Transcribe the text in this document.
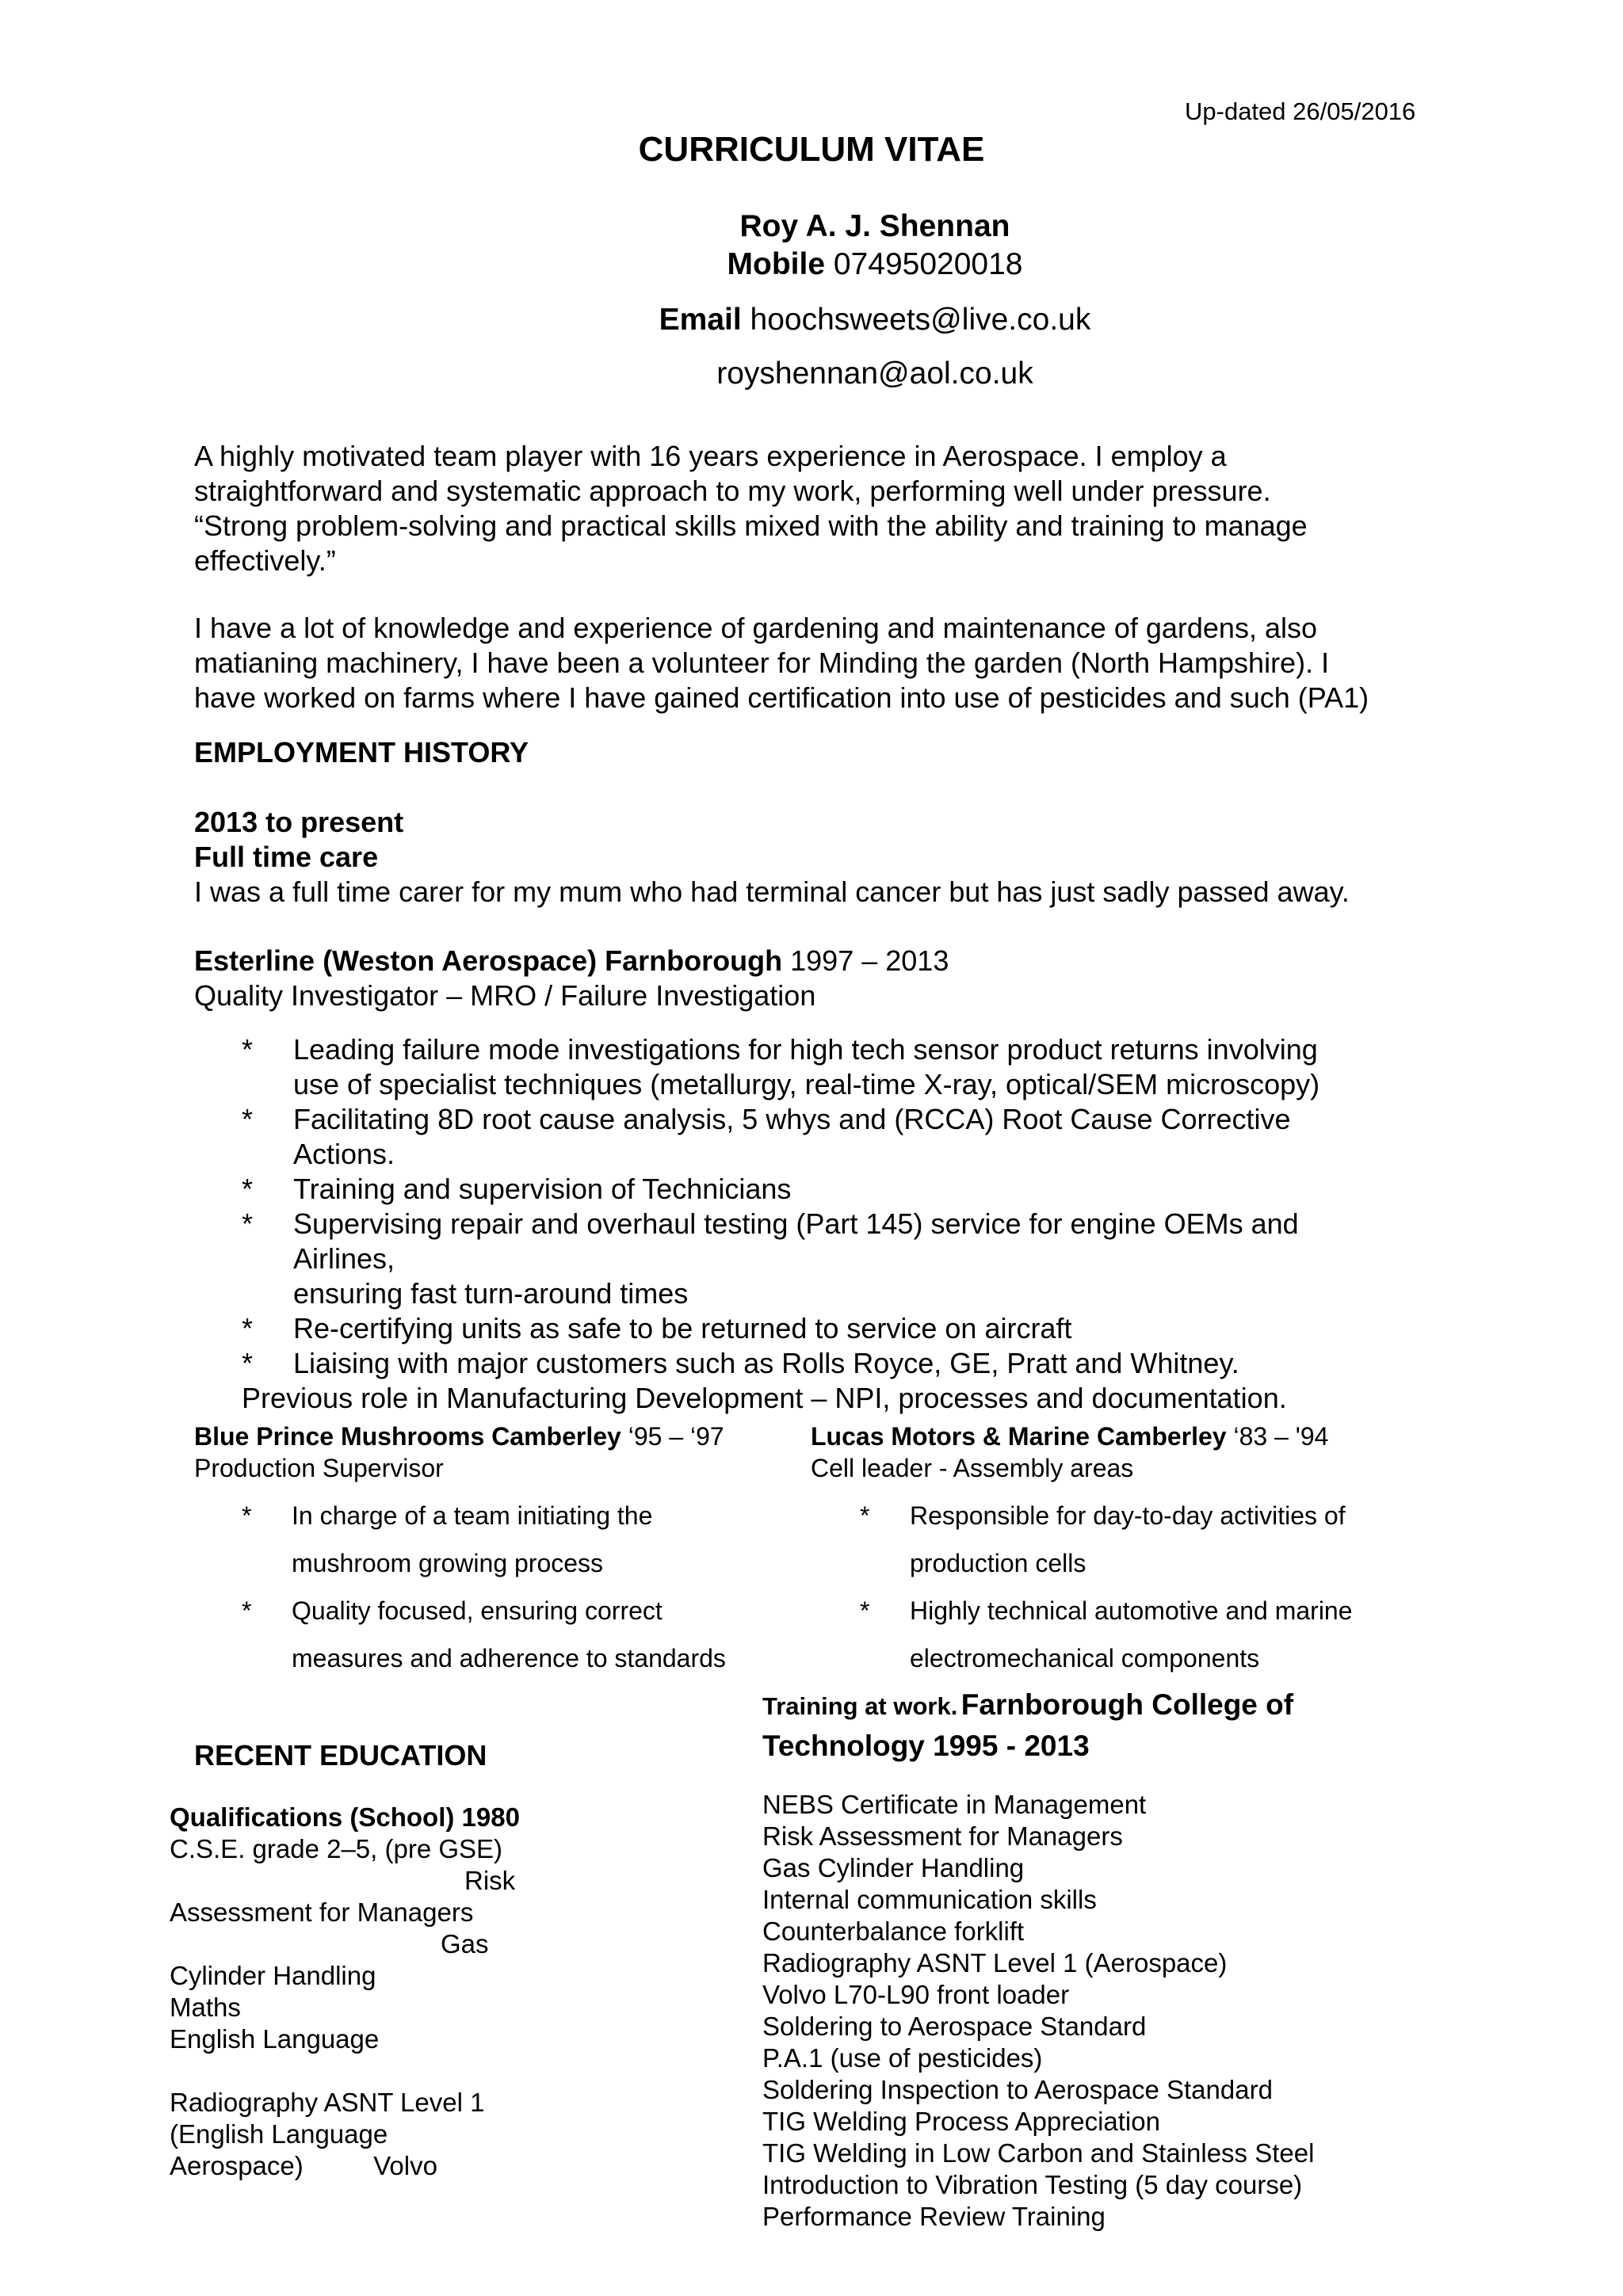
Up-dated 26/05/2016
CURRICULUM VITAE
Roy A. J. Shennan
Mobile 07495020018
Email hoochsweets@live.co.uk
royshennan@aol.co.uk
A highly motivated team player with 16 years experience in Aerospace. I employ a
straightforward and systematic approach to my work, performing well under pressure.
“Strong problem-solving and practical skills mixed with the ability and training to manage
effectively.”
I have a lot of knowledge and experience of gardening and maintenance of gardens, also
matianing machinery, I have been a volunteer for Minding the garden (North Hampshire). I
have worked on farms where I have gained certification into use of pesticides and such (PA1)
EMPLOYMENT HISTORY
2013 to present
Full time care
I was a full time carer for my mum who had terminal cancer but has just sadly passed away.
Esterline (Weston Aerospace) Farnborough 1997 – 2013
Quality Investigator – MRO / Failure Investigation
* Leading failure mode investigations for high tech sensor product returns involving
use of specialist techniques (metallurgy, real-time X-ray, optical/SEM microscopy)
* Facilitating 8D root cause analysis, 5 whys and (RCCA) Root Cause Corrective
Actions.
* Training and supervision of Technicians
* Supervising repair and overhaul testing (Part 145) service for engine OEMs and
Airlines,
ensuring fast turn-around times
* Re-certifying units as safe to be returned to service on aircraft
* Liaising with major customers such as Rolls Royce, GE, Pratt and Whitney.
Previous role in Manufacturing Development – NPI, processes and documentation.
Blue Prince Mushrooms Camberley ‘95 – ‘97
Production Supervisor
* In charge of a team initiating the
mushroom growing process
* Quality focused, ensuring correct
measures and adherence to standards
Lucas Motors & Marine Camberley ‘83 – '94
Cell leader - Assembly areas
* Responsible for day-to-day activities of
production cells
* Highly technical automotive and marine
electromechanical components
Training at work. Farnborough College of
Technology 1995 - 2013
NEBS Certificate in Management
Risk Assessment for Managers
Gas Cylinder Handling
Internal communication skills
Counterbalance forklift
Radiography ASNT Level 1 (Aerospace)
Volvo L70-L90 front loader
Soldering to Aerospace Standard
P.A.1 (use of pesticides)
Soldering Inspection to Aerospace Standard
TIG Welding Process Appreciation
TIG Welding in Low Carbon and Stainless Steel
Introduction to Vibration Testing (5 day course)
Performance Review Training
RECENT EDUCATION
Qualifications (School) 1980
C.S.E. grade 2–5, (pre GSE)
Risk
Assessment for Managers
Gas
Cylinder Handling
Maths
English Language
Radiography ASNT Level 1
(English Language
Aerospace)	Volvo
